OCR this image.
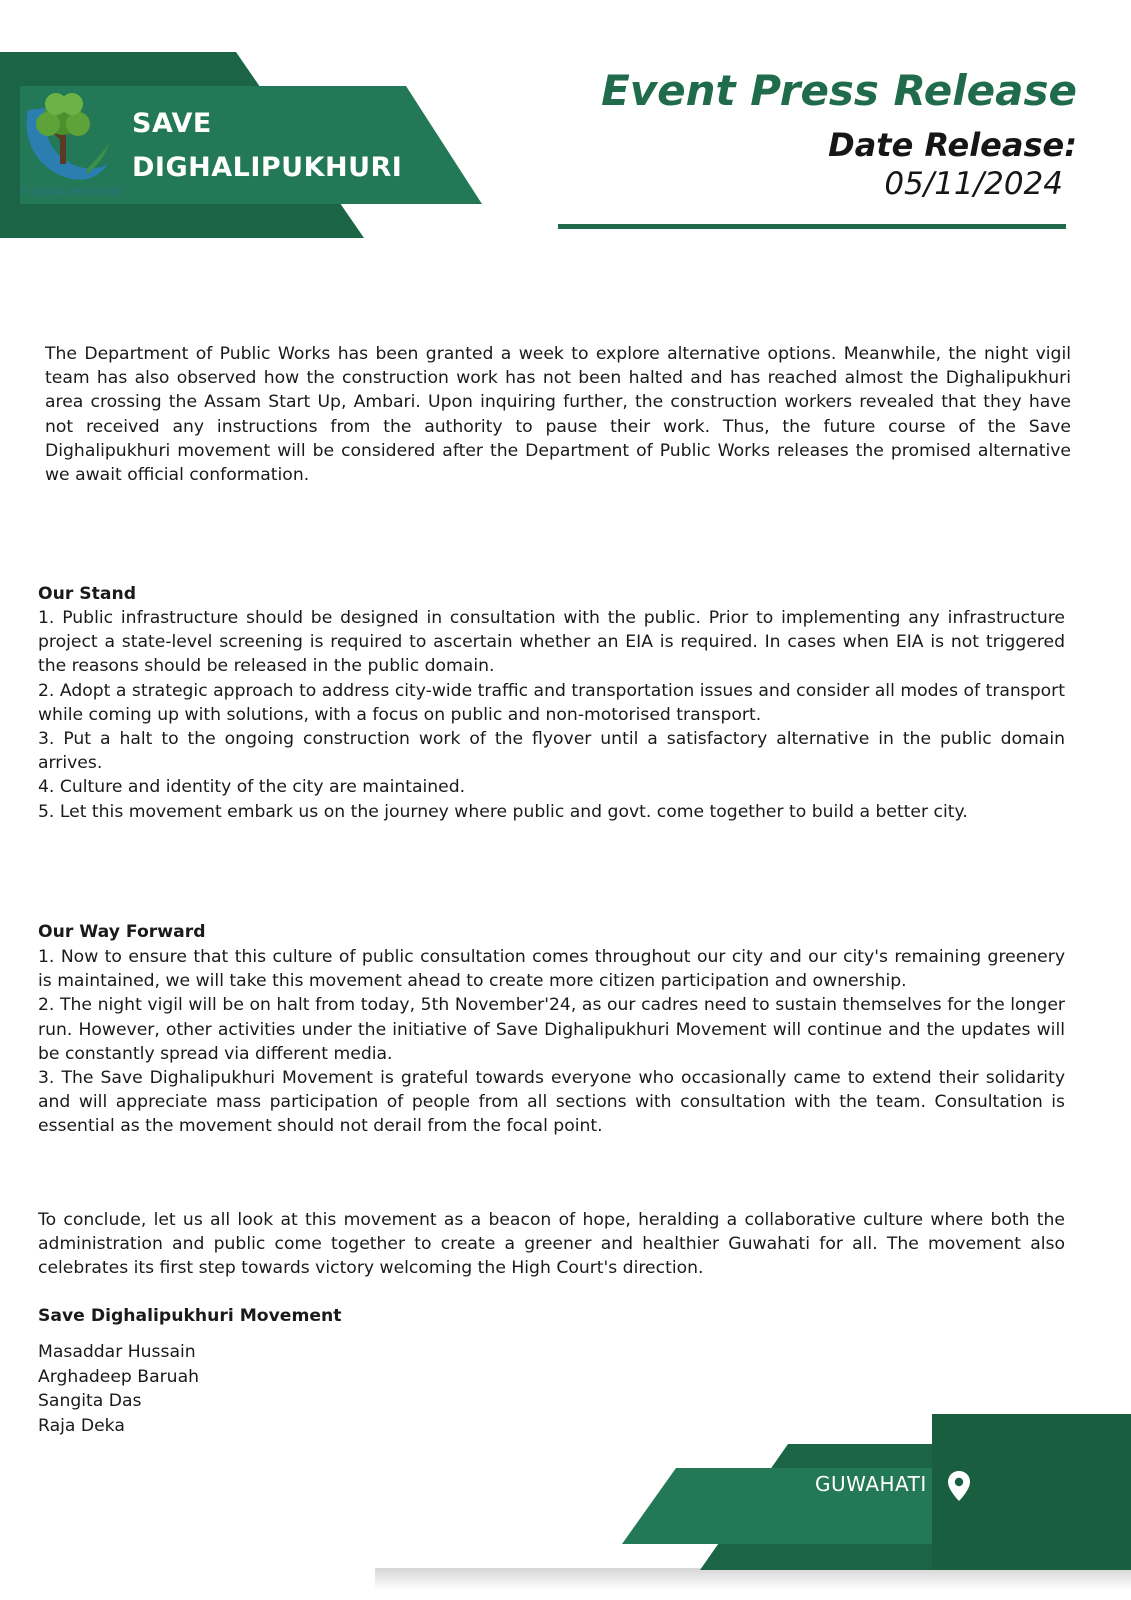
E DIGHALIPUKHURI
SAVE
DIGHALIPUKHURI
Event Press Release
Date Release:
05/11/2024

The Department of Public Works has been granted a week to explore alternative options. Meanwhile, the night vigil team has also observed how the construction work has not been halted and has reached almost the Dighalipukhuri area crossing the Assam Start Up, Ambari. Upon inquiring further, the construction workers revealed that they have not received any instructions from the authority to pause their work. Thus, the future course of the Save Dighalipukhuri movement will be considered after the Department of Public Works releases the promised alternative we await official conformation.

Our Stand
1. Public infrastructure should be designed in consultation with the public. Prior to implementing any infrastructure project a state-level screening is required to ascertain whether an EIA is required. In cases when EIA is not triggered the reasons should be released in the public domain.
2. Adopt a strategic approach to address city-wide traffic and transportation issues and consider all modes of transport while coming up with solutions, with a focus on public and non-motorised transport.
3. Put a halt to the ongoing construction work of the flyover until a satisfactory alternative in the public domain arrives.
4. Culture and identity of the city are maintained.
5. Let this movement embark us on the journey where public and govt. come together to build a better city.
Our Way Forward
1. Now to ensure that this culture of public consultation comes throughout our city and our city's remaining greenery is maintained, we will take this movement ahead to create more citizen participation and ownership.
2. The night vigil will be on halt from today, 5th November'24, as our cadres need to sustain themselves for the longer run. However, other activities under the initiative of Save Dighalipukhuri Movement will continue and the updates will be constantly spread via different media.
3. The Save Dighalipukhuri Movement is grateful towards everyone who occasionally came to extend their solidarity and will appreciate mass participation of people from all sections with consultation with the team. Consultation is essential as the movement should not derail from the focal point.

To conclude, let us all look at this movement as a beacon of hope, heralding a collaborative culture where both the administration and public come together to create a greener and healthier Guwahati for all. The movement also celebrates its first step towards victory welcoming the High Court's direction.

Save Dighalipukhuri Movement
Masaddar Hussain
Arghadeep Baruah
Sangita Das
Raja Deka
GUWAHATI
